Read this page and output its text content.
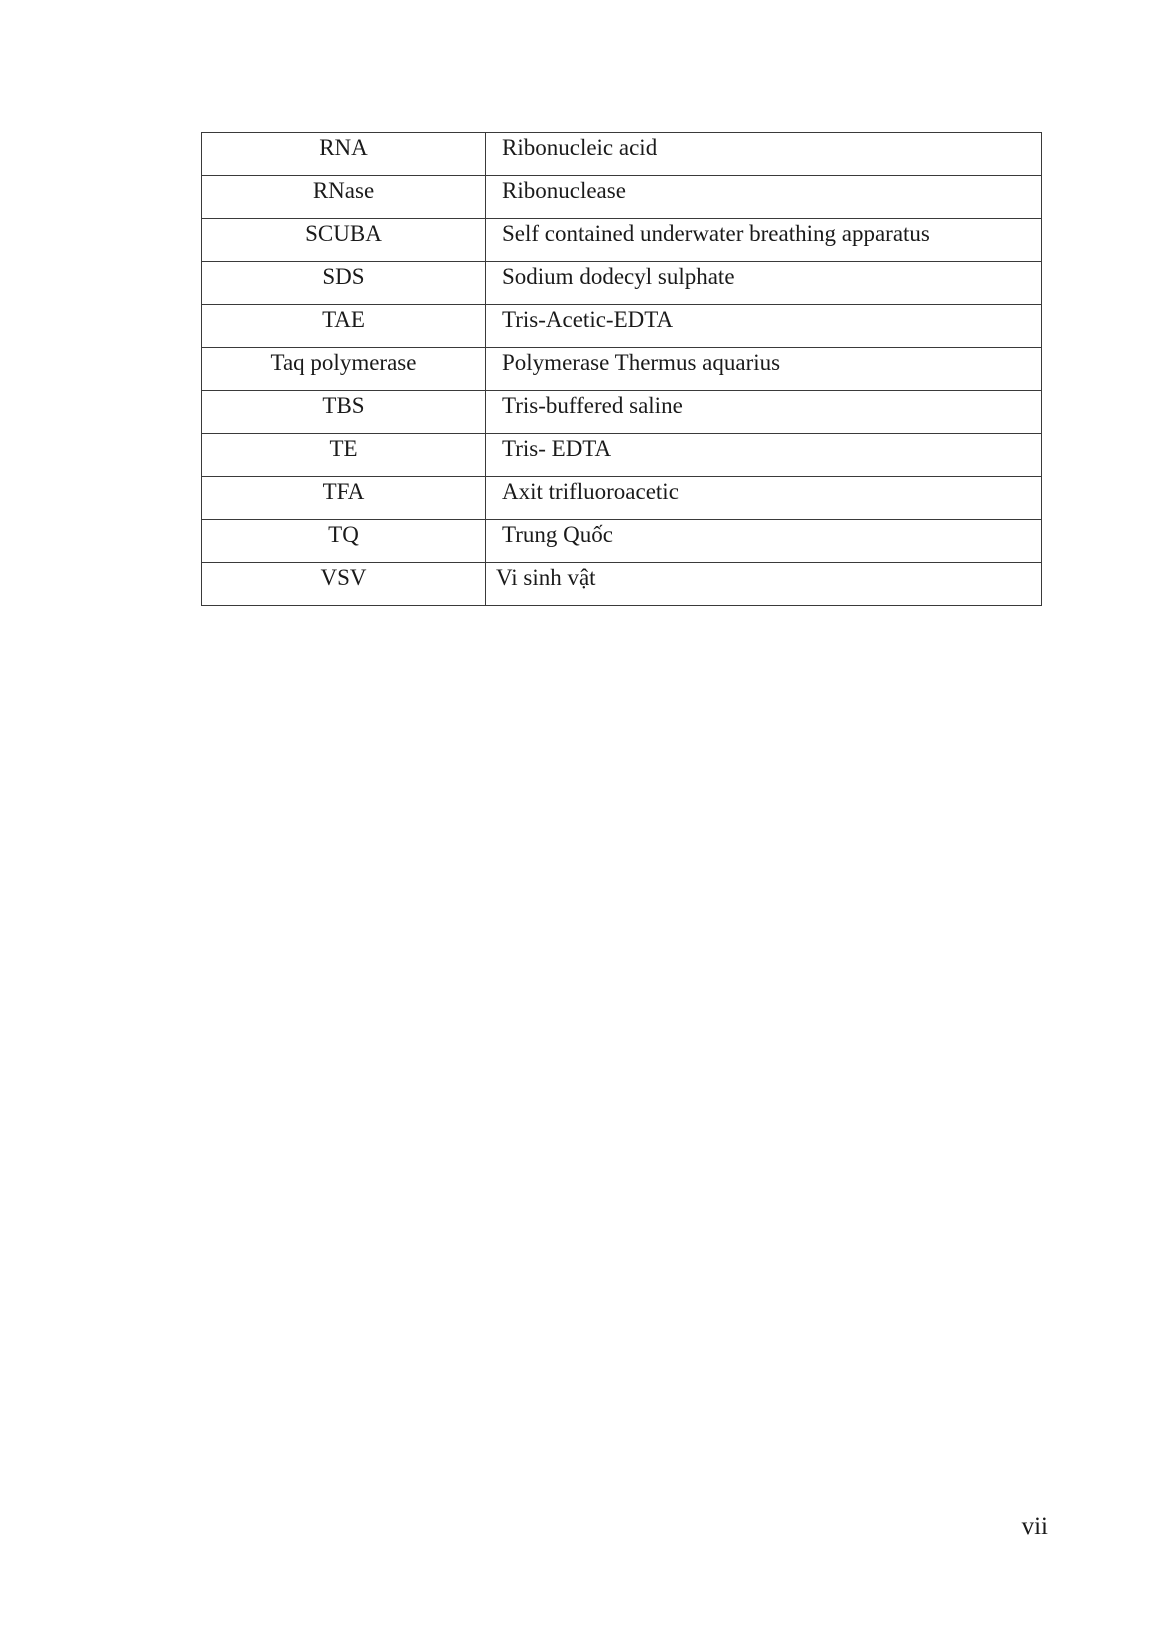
RNA	Ribonucleic acid
RNase	Ribonuclease
SCUBA	Self contained underwater breathing apparatus
SDS	Sodium dodecyl sulphate
TAE	Tris-Acetic-EDTA
Taq polymerase	Polymerase Thermus aquarius
TBS	Tris-buffered saline
TE	Tris- EDTA
TFA	Axit trifluoroacetic
TQ	Trung Quốc
VSV	Vi sinh vật
vii
